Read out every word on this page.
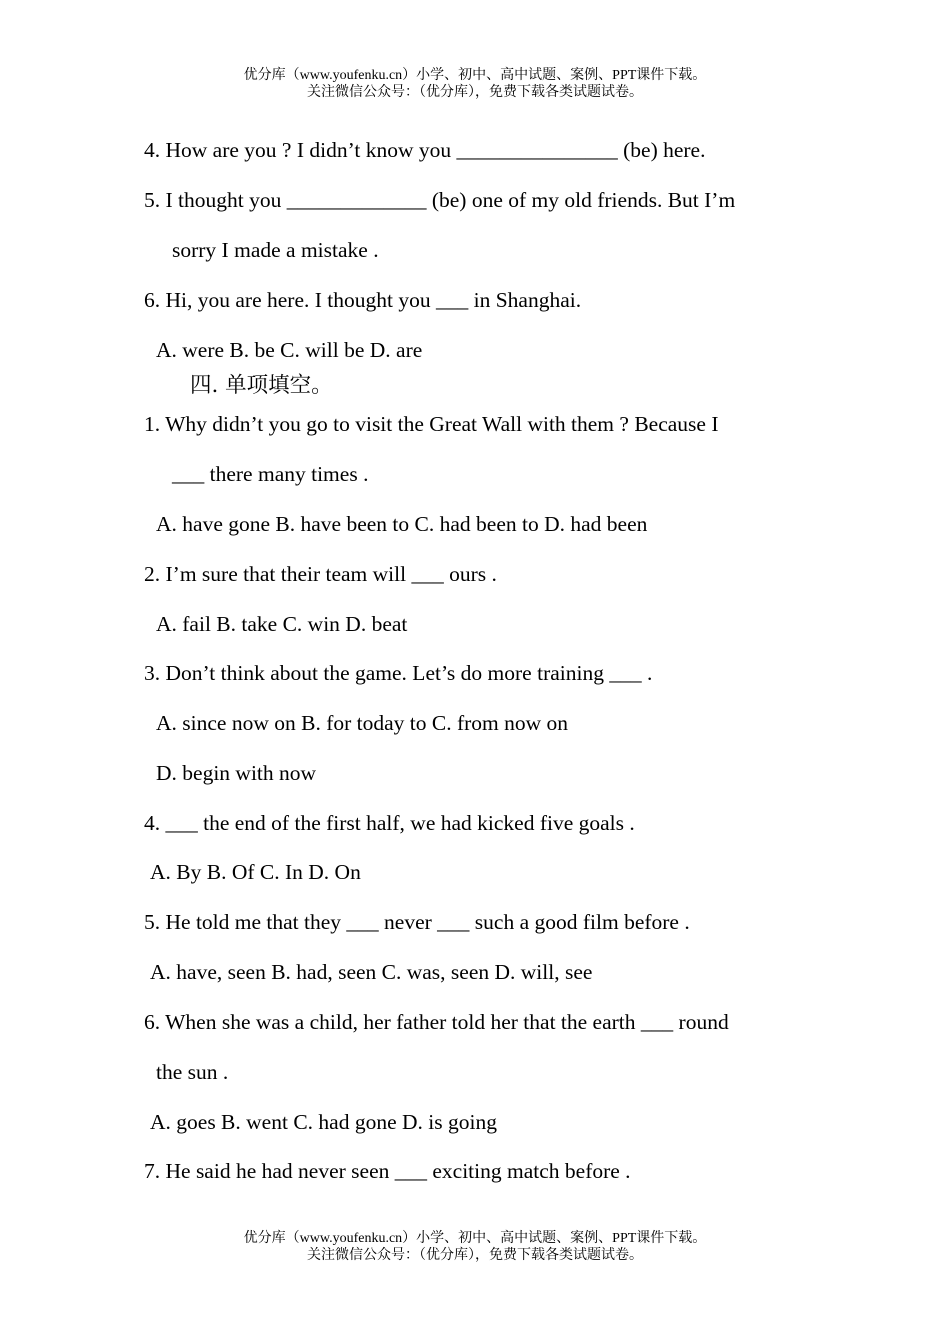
优分库（www.youfenku.cn）小学、初中、高中试题、案例、PPT课件下载。
关注微信公众号：（优分库），免费下载各类试题试卷。
4. How are you ? I didn’t know you _______________ (be) here.
5. I thought you _____________ (be) one of my old friends. But I’m
sorry I made a mistake .
6. Hi, you are here. I thought you ___ in Shanghai.
A. were B. be C. will be D. are
四. 单项填空。
1. Why didn’t you go to visit the Great Wall with them ? Because I
___ there many times .
A. have gone B. have been to C. had been to D. had been
2. I’m sure that their team will ___ ours .
A. fail B. take C. win D. beat
3. Don’t think about the game. Let’s do more training ___ .
A. since now on B. for today to C. from now on
D. begin with now
4. ___ the end of the first half, we had kicked five goals .
A. By B. Of C. In D. On
5. He told me that they ___ never ___ such a good film before .
A. have, seen B. had, seen C. was, seen D. will, see
6. When she was a child, her father told her that the earth ___ round
the sun .
A. goes B. went C. had gone D. is going
7. He said he had never seen ___ exciting match before .
优分库（www.youfenku.cn）小学、初中、高中试题、案例、PPT课件下载。
关注微信公众号：（优分库），免费下载各类试题试卷。
